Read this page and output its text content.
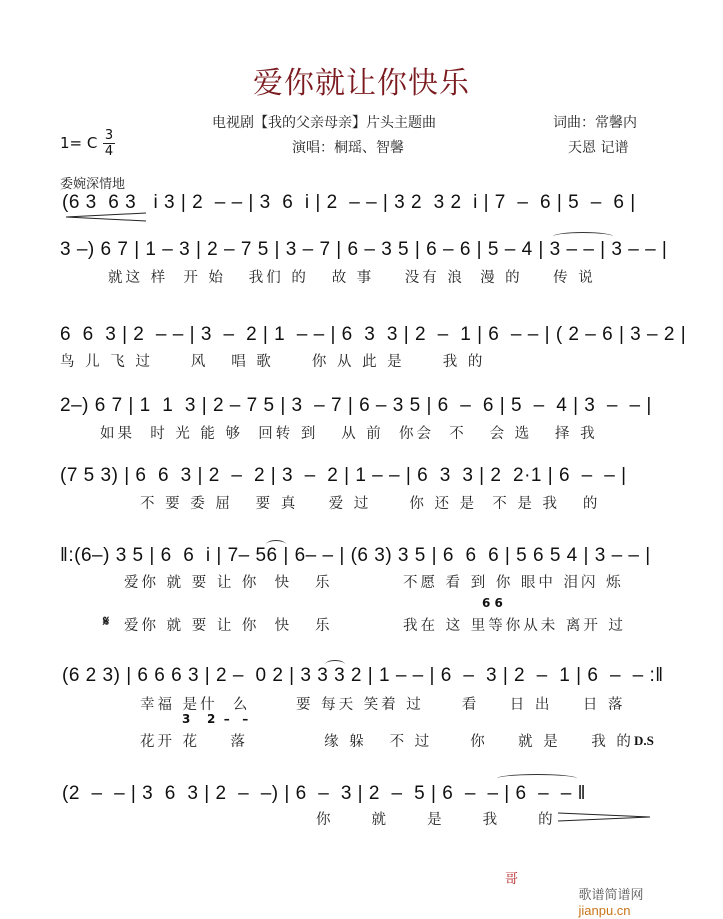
爱你就让你快乐
电视剧【我的父亲母亲】片头主题曲	词曲：常馨内
演唱：桐瑶、智馨	天恩 记谱
1= C 3
4
委婉深情地
(6 3  6 3   i 3 | 2  – – | 3  6  i | 2  – – | 3 2  3 2  i | 7  –  6 | 5  –  6 |
3 –) 6 7 | 1 – 3 | 2 – 7 5 | 3 – 7 | 6 – 3 5 | 6 – 6 | 5 – 4 | 3 – – | 3 – – |
就这 样  开 始   我们 的   故 事    没有 浪  漫 的    传 说
6  6  3 | 2  – – | 3  –  2 | 1  – – | 6  3  3 | 2  –  1 | 6  – – | ( 2 – 6 | 3 – 2 |
鸟 儿 飞 过     风   唱 歌     你 从 此 是     我 的
2–) 6 7 | 1  1  3 | 2 – 7 5 | 3  – 7 | 6 – 3 5 | 6  –  6 | 5  –  4 | 3  –  – |
如果  时 光 能 够  回转 到   从 前  你会  不   会 选   择 我
(7 5 3) | 6  6  3 | 2  –  2 | 3  –  2 | 1 – – | 6  3  3 | 2  2·1 | 6  –  – |
不 要 委 屈   要 真    爱 过     你 还 是  不 是 我   的
‖:(6–) 3 5 | 6  6  i | 7– 56 | 6– – | (6 3) 3 5 | 6  6  6 | 5 6 5 4 | 3 – – |
爱你 就 要 让 你  快   乐	不愿 看 到 你 眼中 泪闪 烁
6 6
𝄋 爱你 就 要 让 你  快   乐	我在 这 里等你从未 离开 过
(6 2 3) | 6 6 6 3 | 2 –  0 2 | 3 3 3 2 | 1 – – | 6  –  3 | 2  –  1 | 6  –  – :‖
幸福 是什  么      要 每天 笑着 过     看    日 出    日 落
3    2  –   –
花开 花    落          缘 躲   不 过     你    就 是    我 的 D.S
(2  –  – | 3  6  3 | 2  –  –) | 6  –  3 | 2  –  5 | 6  –  – | 6  –  – ‖
你     就     是     我     的
哥

歌谱简谱网
jianpu.cn
